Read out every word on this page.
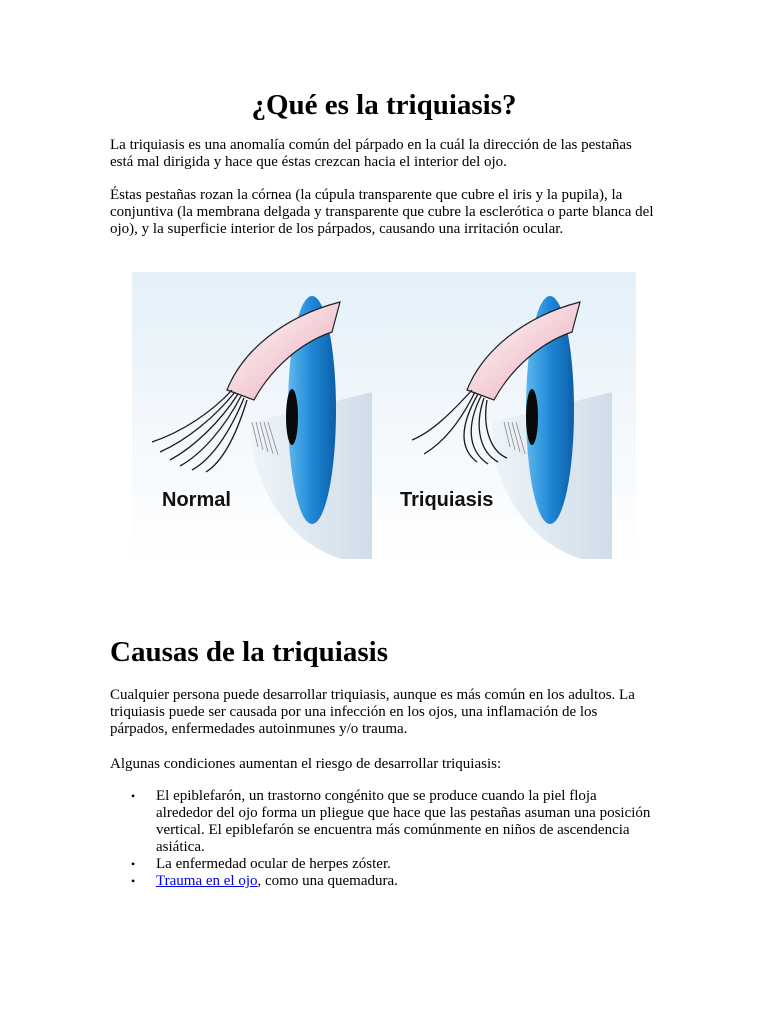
¿Qué es la triquiasis?

La triquiasis es una anomalía común del párpado en la cuál la dirección de las pestañas está mal dirigida y hace que éstas crezcan hacia el interior del ojo.

Éstas pestañas rozan la córnea (la cúpula transparente que cubre el iris y la pupila), la conjuntiva (la membrana delgada y transparente que cubre la esclerótica o parte blanca del ojo), y la superficie interior de los párpados, causando una irritación ocular.

Normal	Triquiasis
Causas de la triquiasis

Cualquier persona puede desarrollar triquiasis, aunque es más común en los adultos. La triquiasis puede ser causada por una infección en los ojos, una inflamación de los párpados, enfermedades autoinmunes y/o trauma.

Algunas condiciones aumentan el riesgo de desarrollar triquiasis:

• El epiblefarón, un trastorno congénito que se produce cuando la piel floja alrededor del ojo forma un pliegue que hace que las pestañas asuman una posición vertical. El epiblefarón se encuentra más comúnmente en niños de ascendencia asiática.
• La enfermedad ocular de herpes zóster.
• Trauma en el ojo, como una quemadura.
